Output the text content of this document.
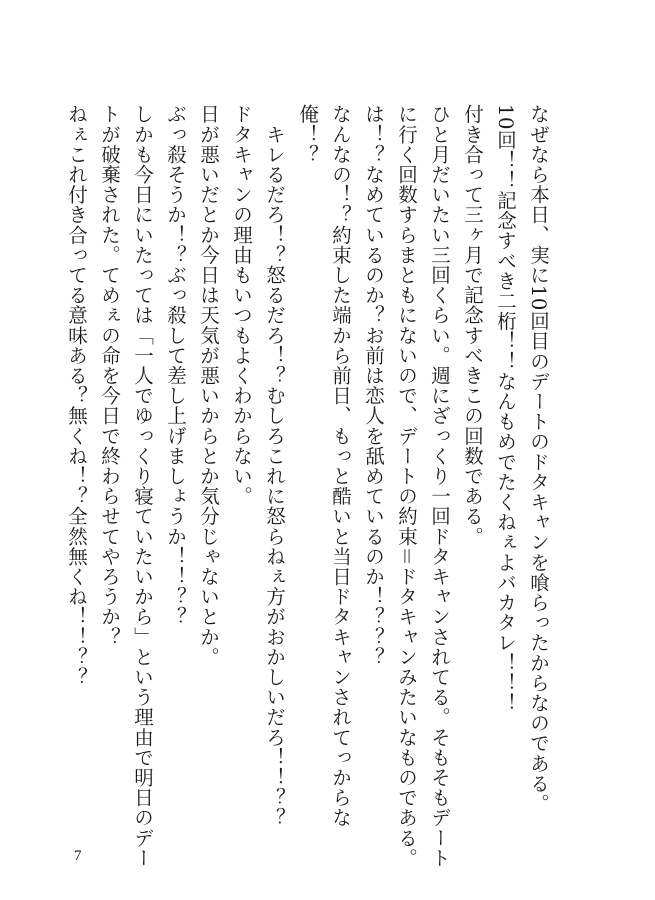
なぜなら本日、実に10回目のデートのドタキャンを喰らったからなのである。
10回！！記念すべき二桁！！なんもめでたくねぇよバカタレ！！！
付き合って三ヶ月で記念すべきこの回数である。
ひと月だいたい三回くらい。週にざっくり一回ドタキャンされてる。そもそもデート
に行く回数すらまともにないので、デートの約束＝ドタキャンみたいなものである。
は！？なめているのか？お前は恋人を舐めているのか！？？？
なんなの！？約束した端から前日、もっと酷いと当日ドタキャンされてっからな
俺！？
　キレるだろ！？怒るだろ！？むしろこれに怒らねぇ方がおかしいだろ！！？？
ドタキャンの理由もいつもよくわからない。
日が悪いだとか今日は天気が悪いからとか気分じゃないとか。
ぶっ殺そうか！？ぶっ殺して差し上げましょうか！！？？
しかも今日にいたっては「一人でゆっくり寝ていたいから」という理由で明日のデー
トが破棄された。てめぇの命を今日で終わらせてやろうか？
ねぇこれ付き合ってる意味ある？無くね！？全然無くね！！？？
7
